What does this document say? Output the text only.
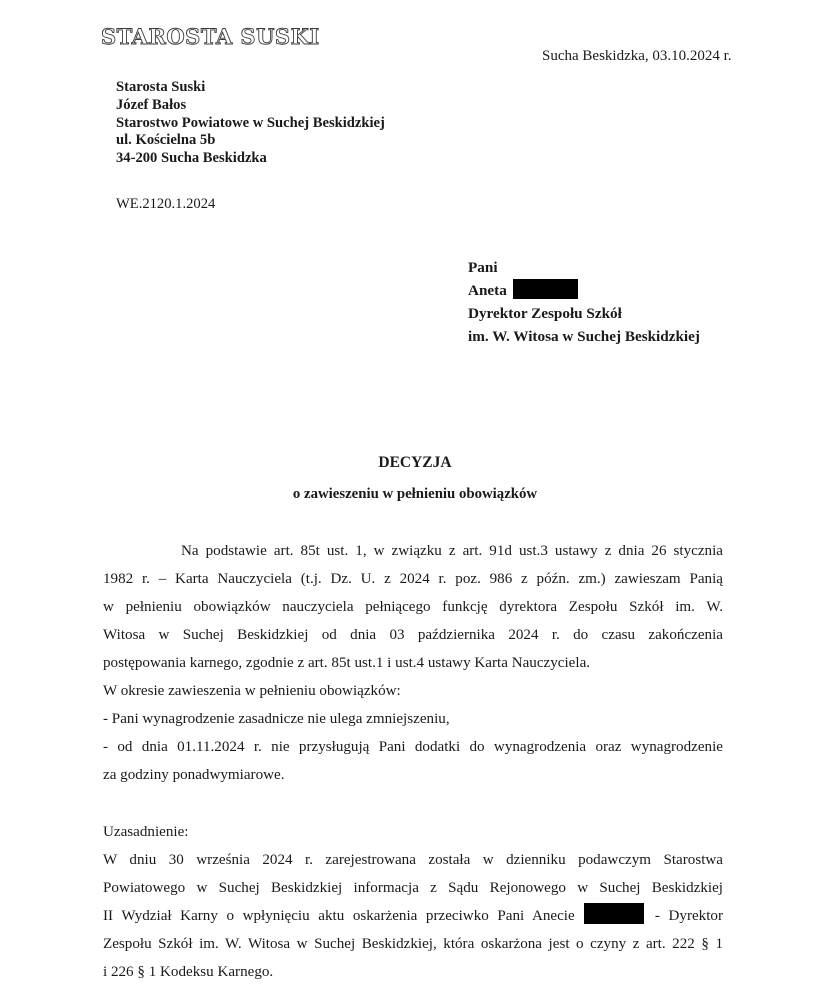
STAROSTA SUSKI
Sucha Beskidzka, 03.10.2024 r.
Starosta Suski
Józef Bałos
Starostwo Powiatowe w Suchej Beskidzkiej
ul. Kościelna 5b
34-200 Sucha Beskidzka
WE.2120.1.2024
Pani
Aneta
Dyrektor Zespołu Szkół
im. W. Witosa w Suchej Beskidzkiej
DECYZJA
o zawieszeniu w pełnieniu obowiązków
Na podstawie art. 85t ust. 1, w związku z art. 91d ust.3 ustawy z dnia 26 stycznia
1982 r. – Karta Nauczyciela (t.j. Dz. U. z 2024 r. poz. 986 z późn. zm.) zawieszam Panią
w pełnieniu obowiązków nauczyciela pełniącego funkcję dyrektora Zespołu Szkół im. W.
Witosa w Suchej Beskidzkiej od dnia 03 października 2024 r. do czasu zakończenia
postępowania karnego, zgodnie z art. 85t ust.1 i ust.4 ustawy Karta Nauczyciela.
W okresie zawieszenia w pełnieniu obowiązków:
- Pani wynagrodzenie zasadnicze nie ulega zmniejszeniu,
- od dnia 01.11.2024 r. nie przysługują Pani dodatki do wynagrodzenia oraz wynagrodzenie
za godziny ponadwymiarowe.
Uzasadnienie:
W dniu 30 września 2024 r. zarejestrowana została w dzienniku podawczym Starostwa
Powiatowego w Suchej Beskidzkiej informacja z Sądu Rejonowego w Suchej Beskidzkiej
II Wydział Karny o wpłynięciu aktu oskarżenia przeciwko Pani Anecie	- Dyrektor
Zespołu Szkół im. W. Witosa w Suchej Beskidzkiej, która oskarżona jest o czyny z art. 222 § 1
i 226 § 1 Kodeksu Karnego.
